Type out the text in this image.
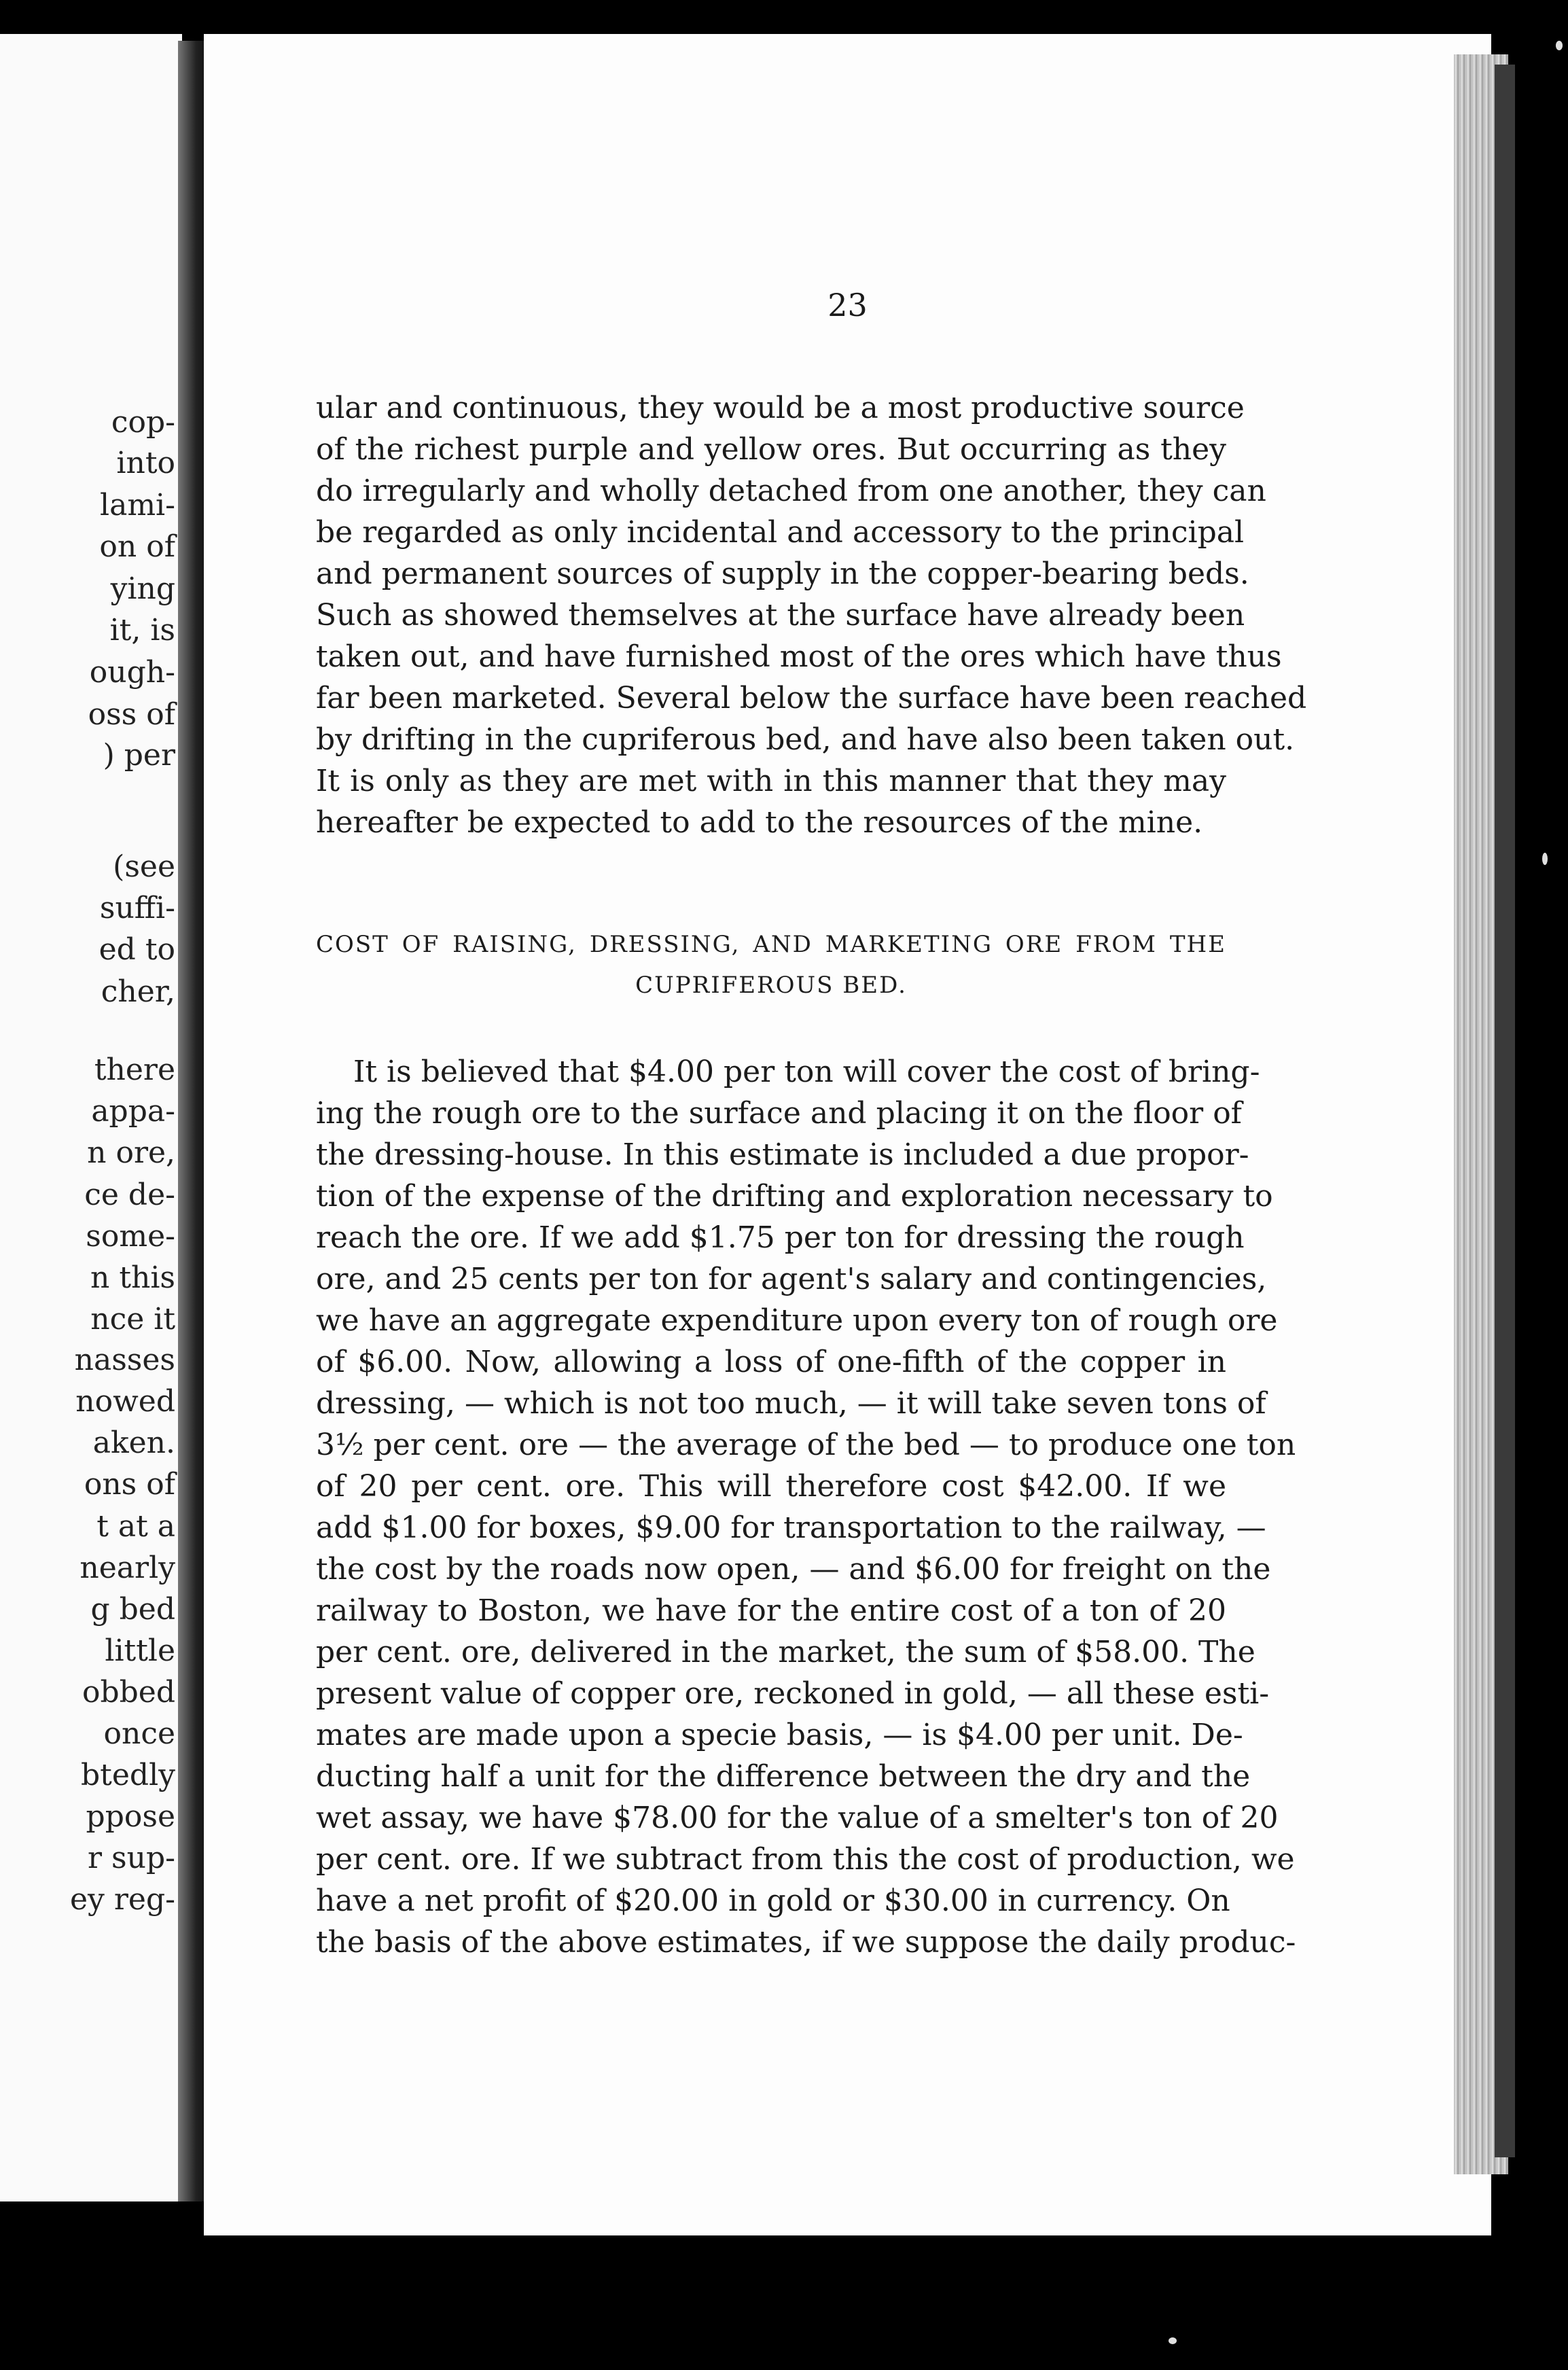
cop-
into
lami-
on of
ying
it, is
ough-
oss of
) per
(see
suffi-
ed to
cher,
there
appa-
n ore,
ce de-
some-
n this
nce it
nasses
nowed
aken.
ons of
t at a
nearly
g bed
little
obbed
once
btedly
ppose
r sup-
ey reg-
23
ular and continuous, they would be a most productive source
of the richest purple and yellow ores. But occurring as they
do irregularly and wholly detached from one another, they can
be regarded as only incidental and accessory to the principal
and permanent sources of supply in the copper-bearing beds.
Such as showed themselves at the surface have already been
taken out, and have furnished most of the ores which have thus
far been marketed. Several below the surface have been reached
by drifting in the cupriferous bed, and have also been taken out.
It is only as they are met with in this manner that they may
hereafter be expected to add to the resources of the mine.
COST OF RAISING, DRESSING, AND MARKETING ORE FROM THE
CUPRIFEROUS BED.
It is believed that $4.00 per ton will cover the cost of bring-
ing the rough ore to the surface and placing it on the floor of
the dressing-house. In this estimate is included a due propor-
tion of the expense of the drifting and exploration necessary to
reach the ore. If we add $1.75 per ton for dressing the rough
ore, and 25 cents per ton for agent's salary and contingencies,
we have an aggregate expenditure upon every ton of rough ore
of $6.00. Now, allowing a loss of one-fifth of the copper in
dressing, — which is not too much, — it will take seven tons of
3½ per cent. ore — the average of the bed — to produce one ton
of 20 per cent. ore. This will therefore cost $42.00. If we
add $1.00 for boxes, $9.00 for transportation to the railway, —
the cost by the roads now open, — and $6.00 for freight on the
railway to Boston, we have for the entire cost of a ton of 20
per cent. ore, delivered in the market, the sum of $58.00. The
present value of copper ore, reckoned in gold, — all these esti-
mates are made upon a specie basis, — is $4.00 per unit. De-
ducting half a unit for the difference between the dry and the
wet assay, we have $78.00 for the value of a smelter's ton of 20
per cent. ore. If we subtract from this the cost of production, we
have a net profit of $20.00 in gold or $30.00 in currency. On
the basis of the above estimates, if we suppose the daily produc-
